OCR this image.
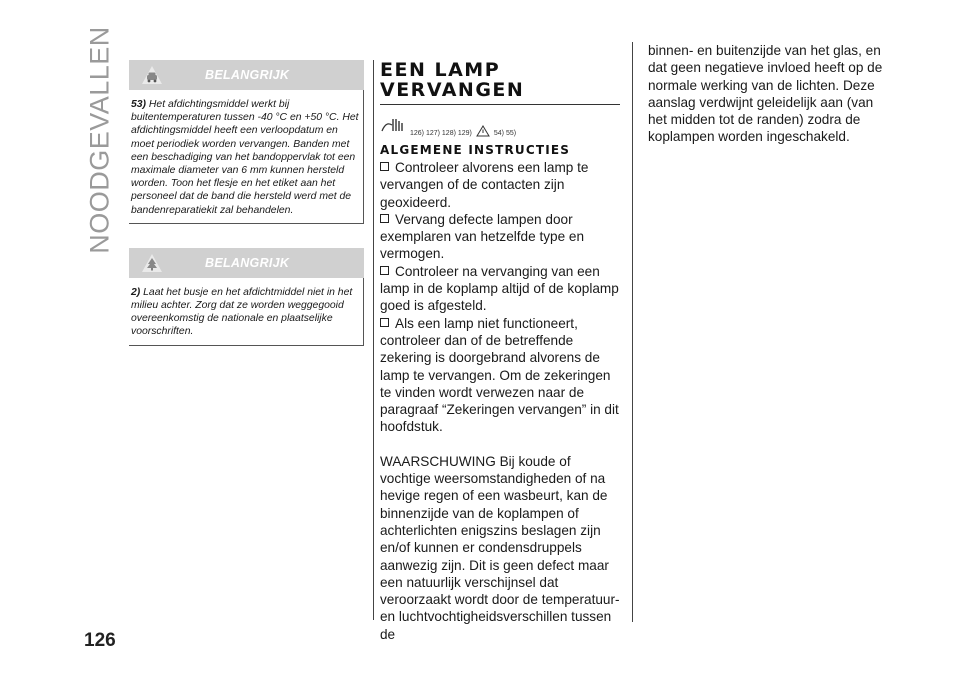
NOODGEVALLEN	BELANGRIJK
53) Het afdichtingsmiddel werkt bij buitentemperaturen tussen -40 °C en +50 °C. Het afdichtingsmiddel heeft een verloopdatum en moet periodiek worden vervangen. Banden met een beschadiging van het bandoppervlak tot een maximale diameter van 6 mm kunnen hersteld worden. Toon het flesje en het etiket aan het personeel dat de band die hersteld werd met de bandenreparatiekit zal behandelen.
BELANGRIJK
2) Laat het busje en het afdichtmiddel niet in het milieu achter. Zorg dat ze worden weggegooid overeenkomstig de nationale en plaatselijke voorschriften.
EEN LAMP
VERVANGEN
126) 127) 128) 129)	54) 55)
ALGEMENE INSTRUCTIES
Controleer alvorens een lamp te vervangen of de contacten zijn geoxideerd.
Vervang defecte lampen door exemplaren van hetzelfde type en vermogen.
Controleer na vervanging van een lamp in de koplamp altijd of de koplamp goed is afgesteld.
Als een lamp niet functioneert, controleer dan of de betreffende zekering is doorgebrand alvorens de lamp te vervangen. Om de zekeringen te vinden wordt verwezen naar de paragraaf “Zekeringen vervangen” in dit hoofdstuk.
WAARSCHUWING Bij koude of vochtige weersomstandigheden of na hevige regen of een wasbeurt, kan de binnenzijde van de koplampen of achterlichten enigszins beslagen zijn en/of kunnen er condensdruppels aanwezig zijn. Dit is geen defect maar een natuurlijk verschijnsel dat veroorzaakt wordt door de temperatuur- en luchtvochtigheidsverschillen tussen de
binnen- en buitenzijde van het glas, en dat geen negatieve invloed heeft op de normale werking van de lichten. Deze aanslag verdwijnt geleidelijk aan (van het midden tot de randen) zodra de koplampen worden ingeschakeld.
126
